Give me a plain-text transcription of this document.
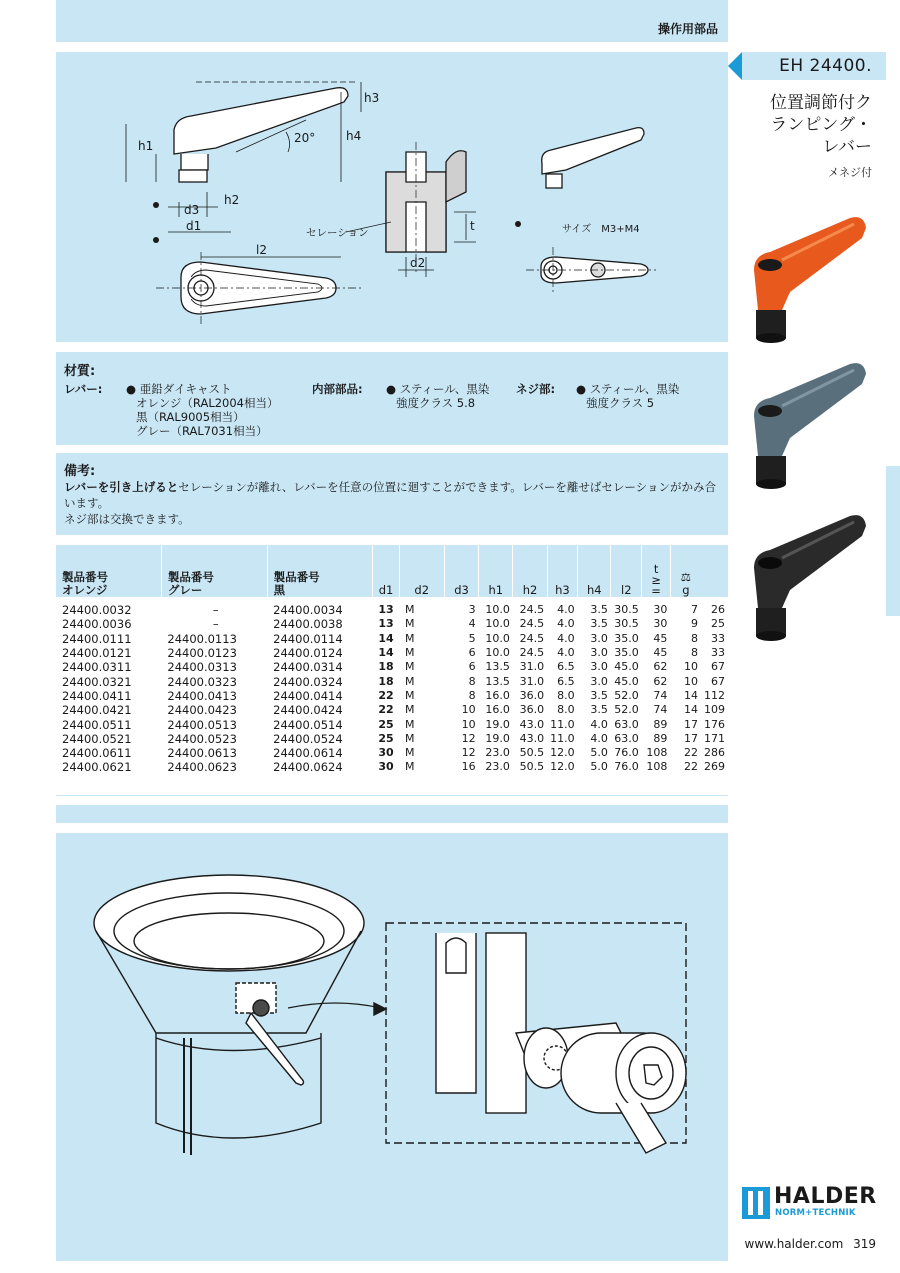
操作用部品
h1
h2
h3
h4
d1
d2
d3
l2
20°
t
セレーション	サイズ　M3+M4
材質:
レバー: ● 亜鉛ダイキャスト
オレンジ（RAL2004相当）
黒（RAL9005相当）
グレー（RAL7031相当）
内部部品: ● スティール、黒染
強度クラス 5.8
ネジ部: ● スティール、黒染
強度クラス 5
備考:

レバーを引き上げるとセレーションが離れ、レバーを任意の位置に廻すことができます。レバーを離せばセレーションがかみ合います。

ネジ部は交換できます。

製品番号
オレンジ	製品番号
グレー	製品番号
黒	d1	d2	d3	h1	h2	h3	h4	l2	t
≥
=	⚖
g	
24400.0032	–	24400.0034	13	M	3	10.0	24.5	4.0	3.5	30.5	30	7	26
24400.0036	–	24400.0038	13	M	4	10.0	24.5	4.0	3.5	30.5	30	9	25
24400.0111	24400.0113	24400.0114	14	M	5	10.0	24.5	4.0	3.0	35.0	45	8	33
24400.0121	24400.0123	24400.0124	14	M	6	10.0	24.5	4.0	3.0	35.0	45	8	33
24400.0311	24400.0313	24400.0314	18	M	6	13.5	31.0	6.5	3.0	45.0	62	10	67
24400.0321	24400.0323	24400.0324	18	M	8	13.5	31.0	6.5	3.0	45.0	62	10	67
24400.0411	24400.0413	24400.0414	22	M	8	16.0	36.0	8.0	3.5	52.0	74	14	112
24400.0421	24400.0423	24400.0424	22	M	10	16.0	36.0	8.0	3.5	52.0	74	14	109
24400.0511	24400.0513	24400.0514	25	M	10	19.0	43.0	11.0	4.0	63.0	89	17	176
24400.0521	24400.0523	24400.0524	25	M	12	19.0	43.0	11.0	4.0	63.0	89	17	171
24400.0611	24400.0613	24400.0614	30	M	12	23.0	50.5	12.0	5.0	76.0	108	22	286
24400.0621	24400.0623	24400.0624	30	M	16	23.0	50.5	12.0	5.0	76.0	108	22	269
EH 24400.
位置調節付ク
ランピング・
レバー
メネジ付
HALDER
NORM+TECHNIK
www.halder.com 319
